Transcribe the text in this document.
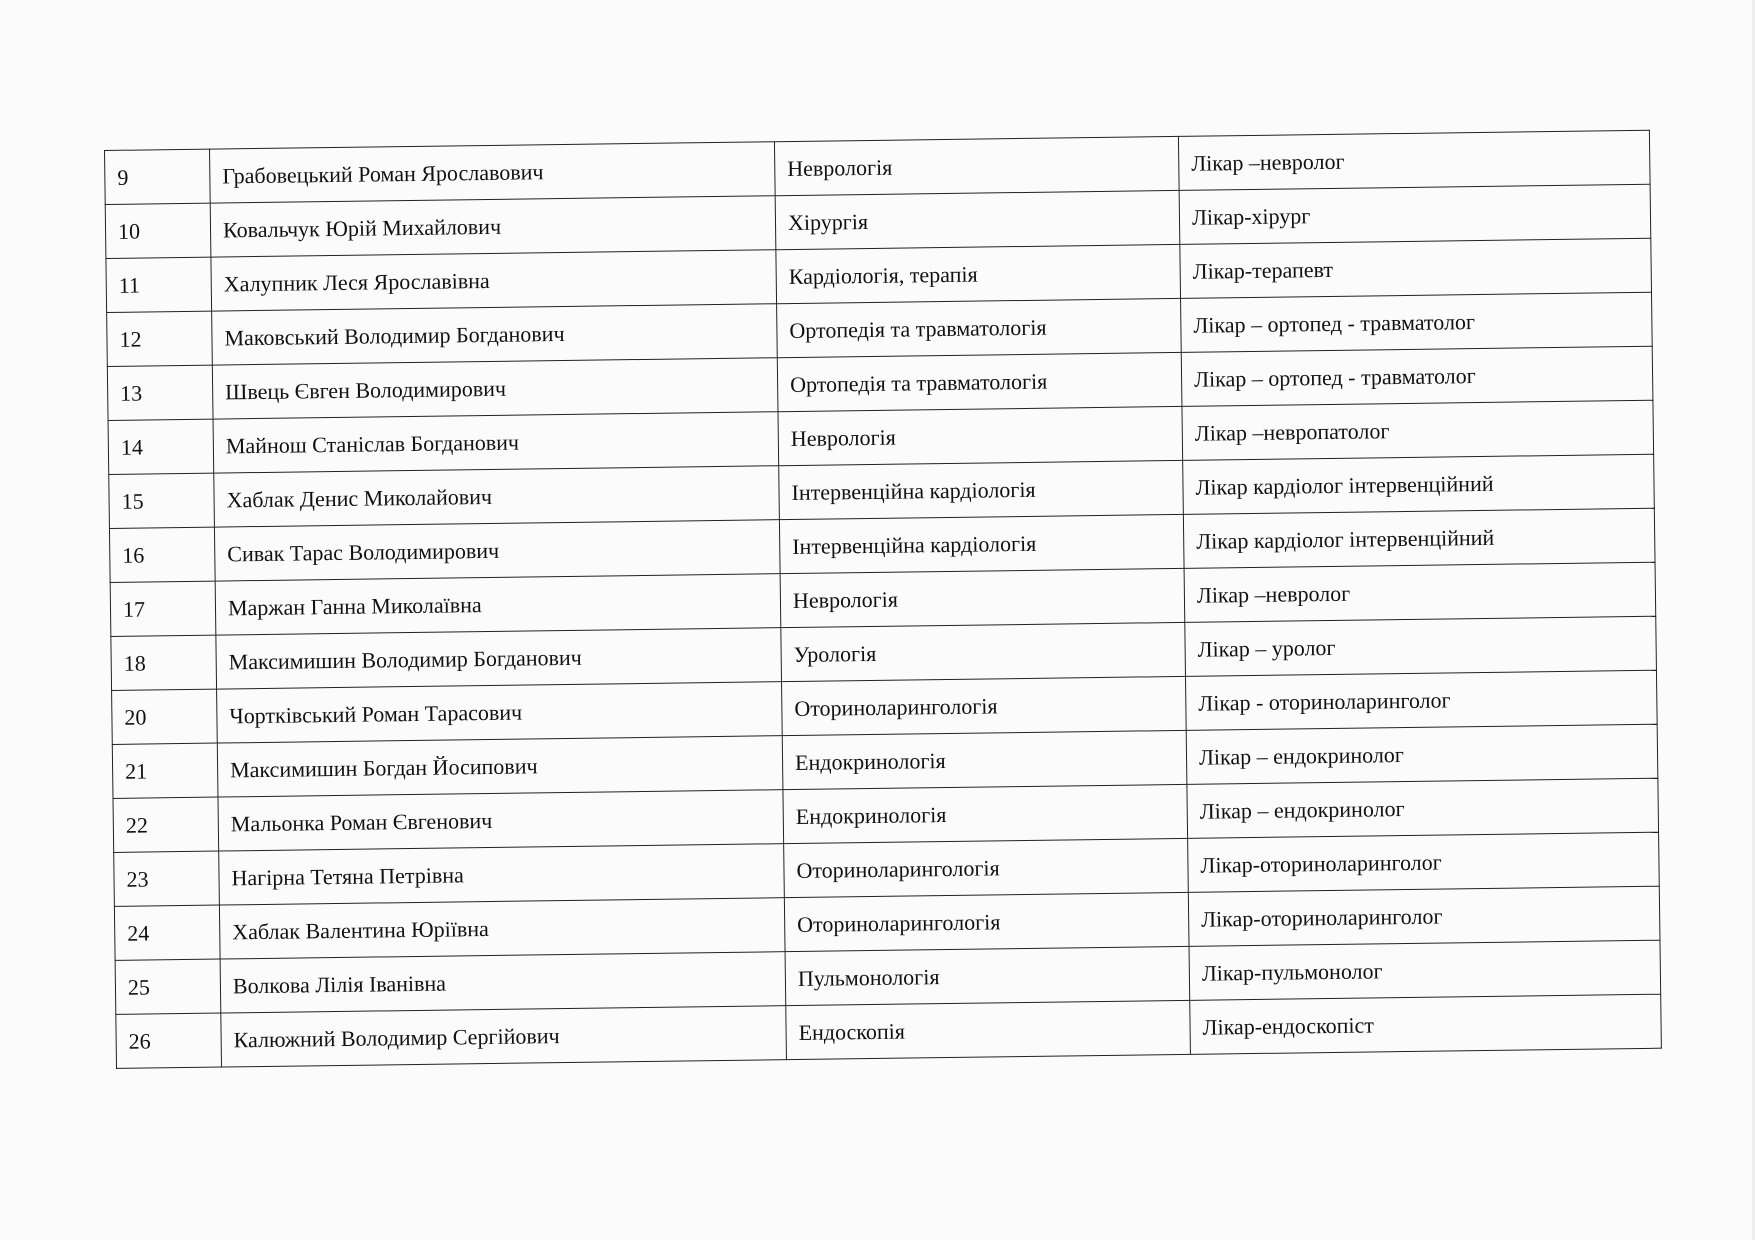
9	Грабовецький Роман Ярославович	Неврологія	Лікар –невролог
10	Ковальчук Юрій Михайлович	Хірургія	Лікар-хірург
11	Халупник Леся Ярославівна	Кардіологія, терапія	Лікар-терапевт
12	Маковський Володимир Богданович	Ортопедія та травматологія	Лікар – ортопед - травматолог
13	Швець Євген Володимирович	Ортопедія та травматологія	Лікар – ортопед - травматолог
14	Майнош Станіслав Богданович	Неврологія	Лікар –невропатолог
15	Хаблак Денис Миколайович	Інтервенційна кардіологія	Лікар кардіолог інтервенційний
16	Сивак Тарас Володимирович	Інтервенційна кардіологія	Лікар кардіолог інтервенційний
17	Маржан Ганна Миколаївна	Неврологія	Лікар –невролог
18	Максимишин Володимир Богданович	Урологія	Лікар – уролог
20	Чортківський Роман Тарасович	Оториноларингологія	Лікар - оториноларинголог
21	Максимишин Богдан Йосипович	Ендокринологія	Лікар – ендокринолог
22	Мальонка Роман Євгенович	Ендокринологія	Лікар – ендокринолог
23	Нагірна Тетяна Петрівна	Оториноларингологія	Лікар-оториноларинголог
24	Хаблак Валентина Юріївна	Оториноларингологія	Лікар-оториноларинголог
25	Волкова Лілія Іванівна	Пульмонологія	Лікар-пульмонолог
26	Калюжний Володимир Сергійович	Ендоскопія	Лікар-ендоскопіст
